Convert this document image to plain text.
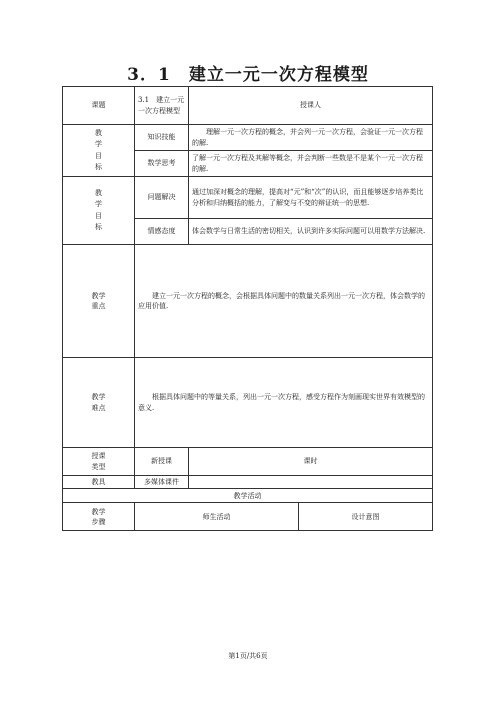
3．1　建立一元一次方程模型
课题	3.1　建立一元一次方程模型	授课人	
教
学
目
标	知识技能	理解一元一次方程的概念，并会列一元一次方程，会验证一元一次方程的解.	
	数学思考	了解一元一次方程及其解等概念，并会判断一些数是不是某个一元一次方程的解.	
教
学
目
标	问题解决	通过加深对概念的理解，提高对“元”和“次”的认识，而且能够逐步培养类比分析和归纳概括的能力，了解变与不变的辩证统一的思想.	
	情感态度	体会数学与日常生活的密切相关，认识到许多实际问题可以用数学方法解决.	
教学
重点	建立一元一次方程的概念，会根据具体问题中的数量关系列出一元一次方程，体会数学的应用价值.		
教学
难点	根据具体问题中的等量关系，列出一元一次方程，感受方程作为刻画现实世界有效模型的意义.		
授课
类型	新授课	课时	
教具	多媒体课件		
教学活动			
教学
步骤	师生活动		设计意图
第1页/共6页
